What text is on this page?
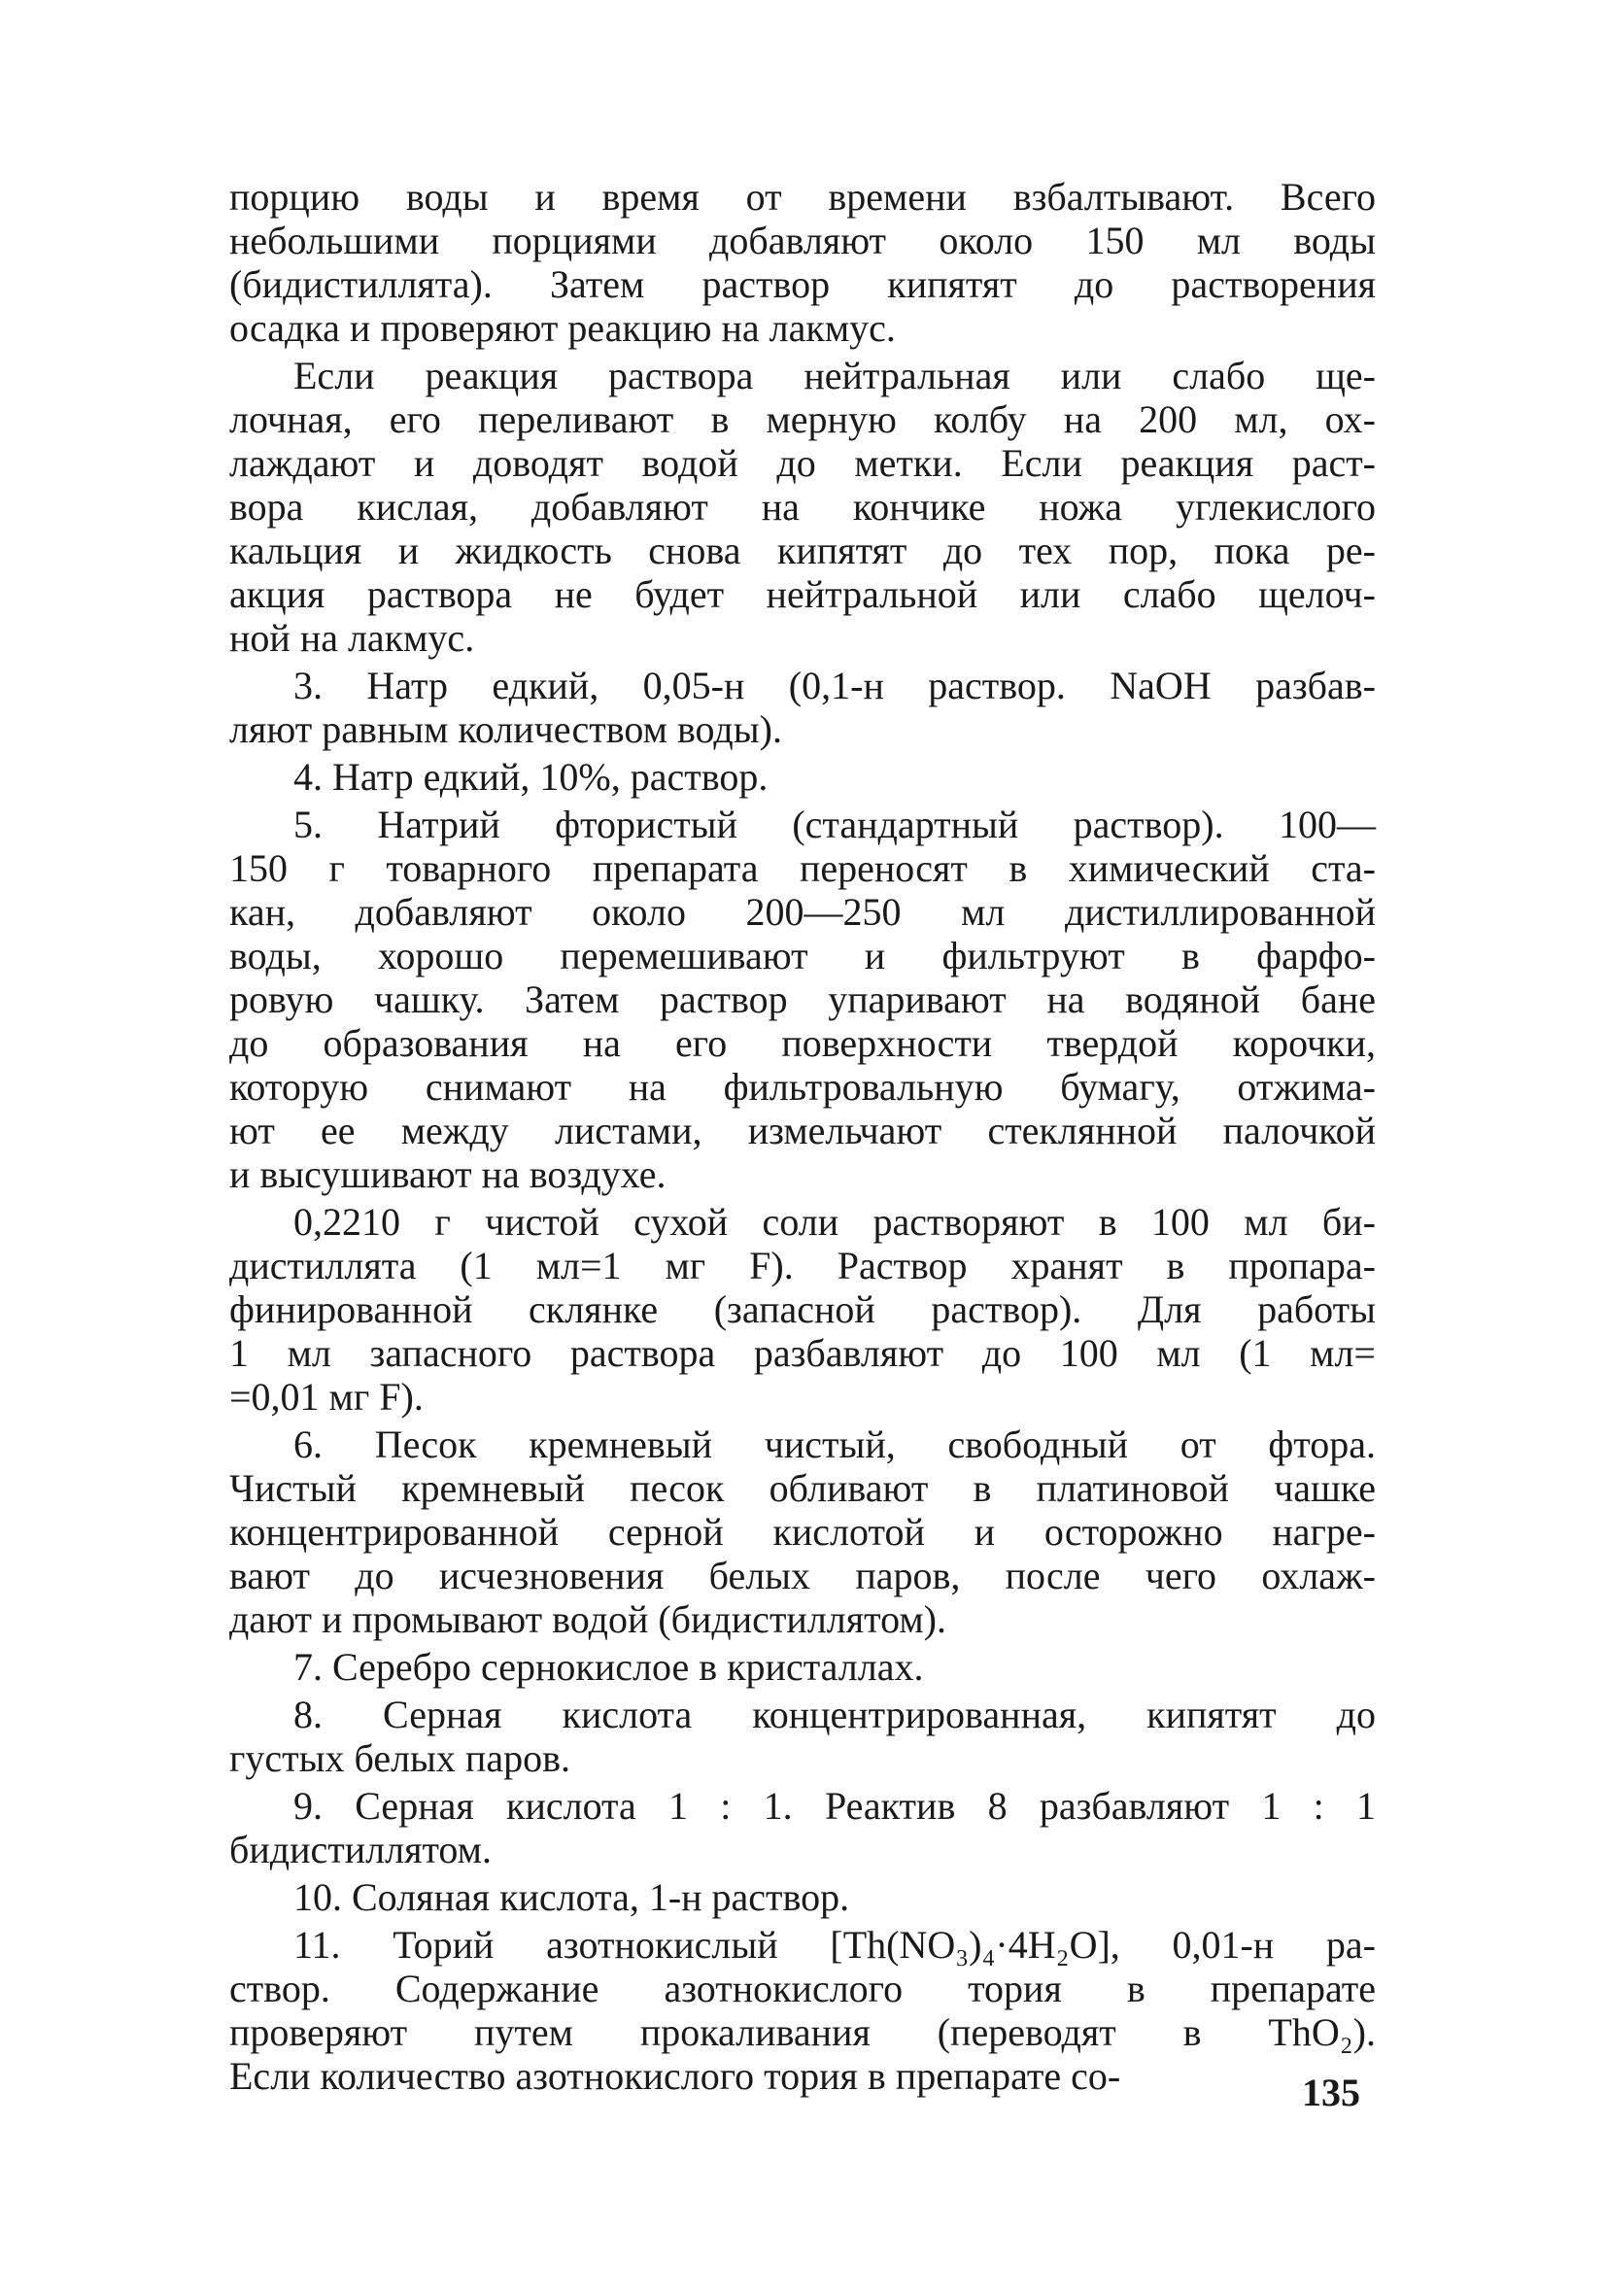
порцию воды и время от времени взбалтывают. Всего
небольшими порциями добавляют около 150 мл воды
(бидистиллята). Затем раствор кипятят до растворения
осадка и проверяют реакцию на лакмус.
Если реакция раствора нейтральная или слабо ще-
лочная, его переливают в мерную колбу на 200 мл, ох-
лаждают и доводят водой до метки. Если реакция раст-
вора кислая, добавляют на кончике ножа углекислого
кальция и жидкость снова кипятят до тех пор, пока ре-
акция раствора не будет нейтральной или слабо щелоч-
ной на лакмус.
3. Натр едкий, 0,05-н (0,1-н раствор. NaOH разбав-
ляют равным количеством воды).
4. Натр едкий, 10%, раствор.
5. Натрий фтористый (стандартный раствор). 100—
150 г товарного препарата переносят в химический ста-
кан, добавляют около 200—250 мл дистиллированной
воды, хорошо перемешивают и фильтруют в фарфо-
ровую чашку. Затем раствор упаривают на водяной бане
до образования на его поверхности твердой корочки,
которую снимают на фильтровальную бумагу, отжима-
ют ее между листами, измельчают стеклянной палочкой
и высушивают на воздухе.
0,2210 г чистой сухой соли растворяют в 100 мл би-
дистиллята (1 мл=1 мг F). Раствор хранят в пропара-
финированной склянке (запасной раствор). Для работы
1 мл запасного раствора разбавляют до 100 мл (1 мл=
=0,01 мг F).
6. Песок кремневый чистый, свободный от фтора.
Чистый кремневый песок обливают в платиновой чашке
концентрированной серной кислотой и осторожно нагре-
вают до исчезновения белых паров, после чего охлаж-
дают и промывают водой (бидистиллятом).
7. Серебро сернокислое в кристаллах.
8. Серная кислота концентрированная, кипятят до
густых белых паров.
9. Серная кислота 1 : 1. Реактив 8 разбавляют 1 : 1
бидистиллятом.
10. Соляная кислота, 1-н раствор.
11. Торий азотнокислый [Th(NO₃)₄·4H₂O], 0,01-н ра-
створ. Содержание азотнокислого тория в препарате
проверяют путем прокаливания (переводят в ThO₂).
Если количество азотнокислого тория в препарате со-	135
